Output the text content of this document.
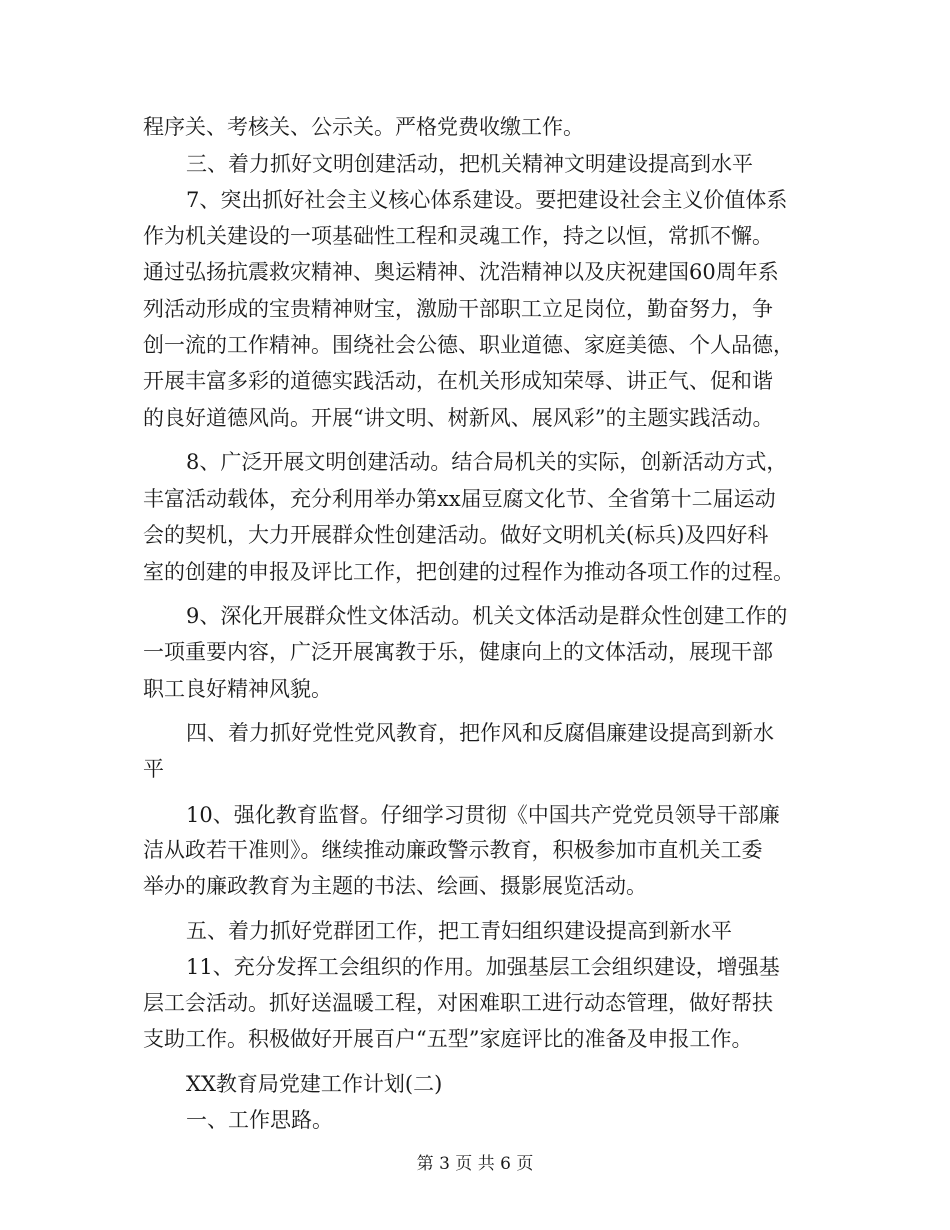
程序关、考核关、公示关。严格党费收缴工作。
三、着力抓好文明创建活动，把机关精神文明建设提高到水平
7、突出抓好社会主义核心体系建设。要把建设社会主义价值体系
作为机关建设的一项基础性工程和灵魂工作，持之以恒，常抓不懈。
通过弘扬抗震救灾精神、奥运精神、沈浩精神以及庆祝建国60周年系
列活动形成的宝贵精神财宝，激励干部职工立足岗位，勤奋努力，争
创一流的工作精神。围绕社会公德、职业道德、家庭美德、个人品德，
开展丰富多彩的道德实践活动，在机关形成知荣辱、讲正气、促和谐
的良好道德风尚。开展“讲文明、树新风、展风彩”的主题实践活动。
8、广泛开展文明创建活动。结合局机关的实际，创新活动方式，
丰富活动载体，充分利用举办第xx届豆腐文化节、全省第十二届运动
会的契机，大力开展群众性创建活动。做好文明机关(标兵)及四好科
室的创建的申报及评比工作，把创建的过程作为推动各项工作的过程。
9、深化开展群众性文体活动。机关文体活动是群众性创建工作的
一项重要内容，广泛开展寓教于乐，健康向上的文体活动，展现干部
职工良好精神风貌。
四、着力抓好党性党风教育，把作风和反腐倡廉建设提高到新水
平
10、强化教育监督。仔细学习贯彻《中国共产党党员领导干部廉
洁从政若干准则》。继续推动廉政警示教育，积极参加市直机关工委
举办的廉政教育为主题的书法、绘画、摄影展览活动。
五、着力抓好党群团工作，把工青妇组织建设提高到新水平
11、充分发挥工会组织的作用。加强基层工会组织建设，增强基
层工会活动。抓好送温暖工程，对困难职工进行动态管理，做好帮扶
支助工作。积极做好开展百户“五型”家庭评比的准备及申报工作。
XX教育局党建工作计划(二)
一、工作思路。
第 3 页 共 6 页
